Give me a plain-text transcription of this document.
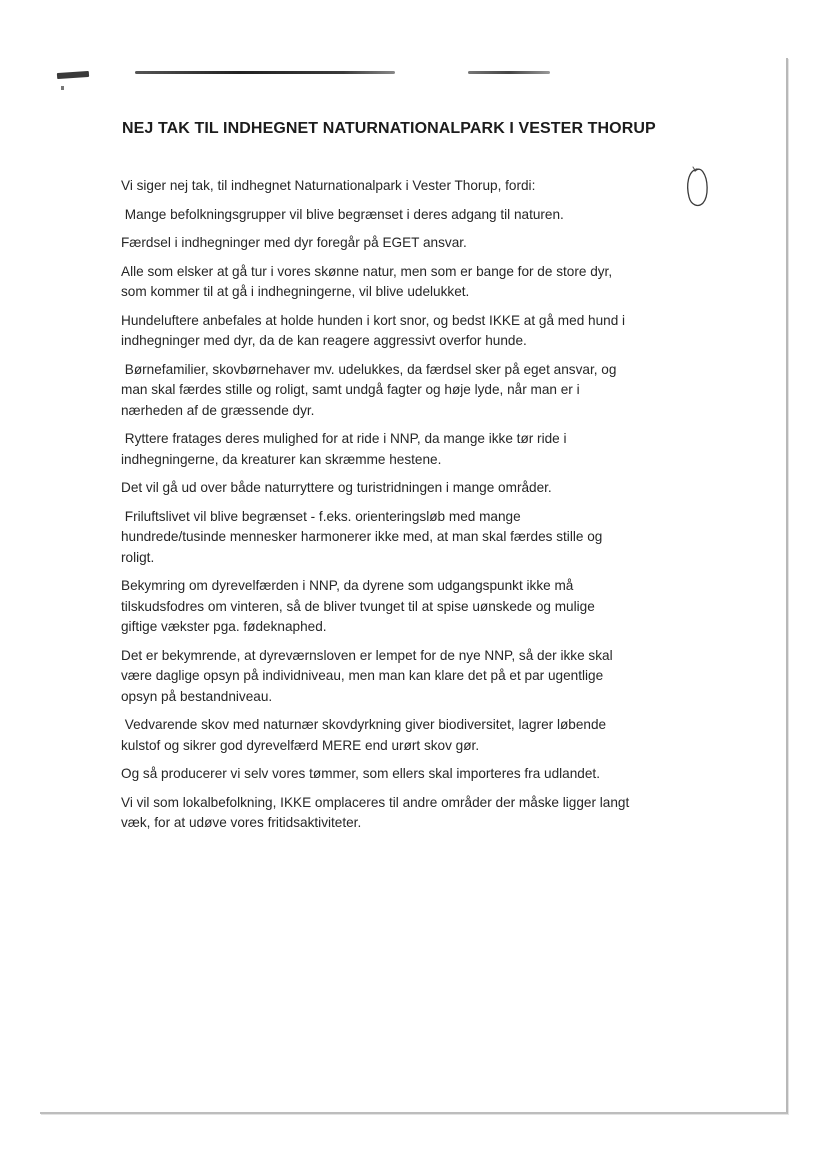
NEJ TAK TIL INDHEGNET NATURNATIONALPARK I VESTER THORUP

Vi siger nej tak, til indhegnet Naturnationalpark i Vester Thorup, fordi:

Mange befolkningsgrupper vil blive begrænset i deres adgang til naturen.

Færdsel i indhegninger med dyr foregår på EGET ansvar.

Alle som elsker at gå tur i vores skønne natur, men som er bange for de store dyr,
som kommer til at gå i indhegningerne, vil blive udelukket.

Hundeluftere anbefales at holde hunden i kort snor, og bedst IKKE at gå med hund i
indhegninger med dyr, da de kan reagere aggressivt overfor hunde.

Børnefamilier, skovbørnehaver mv. udelukkes, da færdsel sker på eget ansvar, og
man skal færdes stille og roligt, samt undgå fagter og høje lyde, når man er i
nærheden af de græssende dyr.

Ryttere fratages deres mulighed for at ride i NNP, da mange ikke tør ride i
indhegningerne, da kreaturer kan skræmme hestene.

Det vil gå ud over både naturryttere og turistridningen i mange områder.

Friluftslivet vil blive begrænset - f.eks. orienteringsløb med mange
hundrede/tusinde mennesker harmonerer ikke med, at man skal færdes stille og
roligt.

Bekymring om dyrevelfærden i NNP, da dyrene som udgangspunkt ikke må
tilskudsfodres om vinteren, så de bliver tvunget til at spise uønskede og mulige
giftige vækster pga. fødeknaphed.

Det er bekymrende, at dyreværnsloven er lempet for de nye NNP, så der ikke skal
være daglige opsyn på individniveau, men man kan klare det på et par ugentlige
opsyn på bestandniveau.

Vedvarende skov med naturnær skovdyrkning giver biodiversitet, lagrer løbende
kulstof og sikrer god dyrevelfærd MERE end urørt skov gør.

Og så producerer vi selv vores tømmer, som ellers skal importeres fra udlandet.

Vi vil som lokalbefolkning, IKKE omplaceres til andre områder der måske ligger langt
væk, for at udøve vores fritidsaktiviteter.
